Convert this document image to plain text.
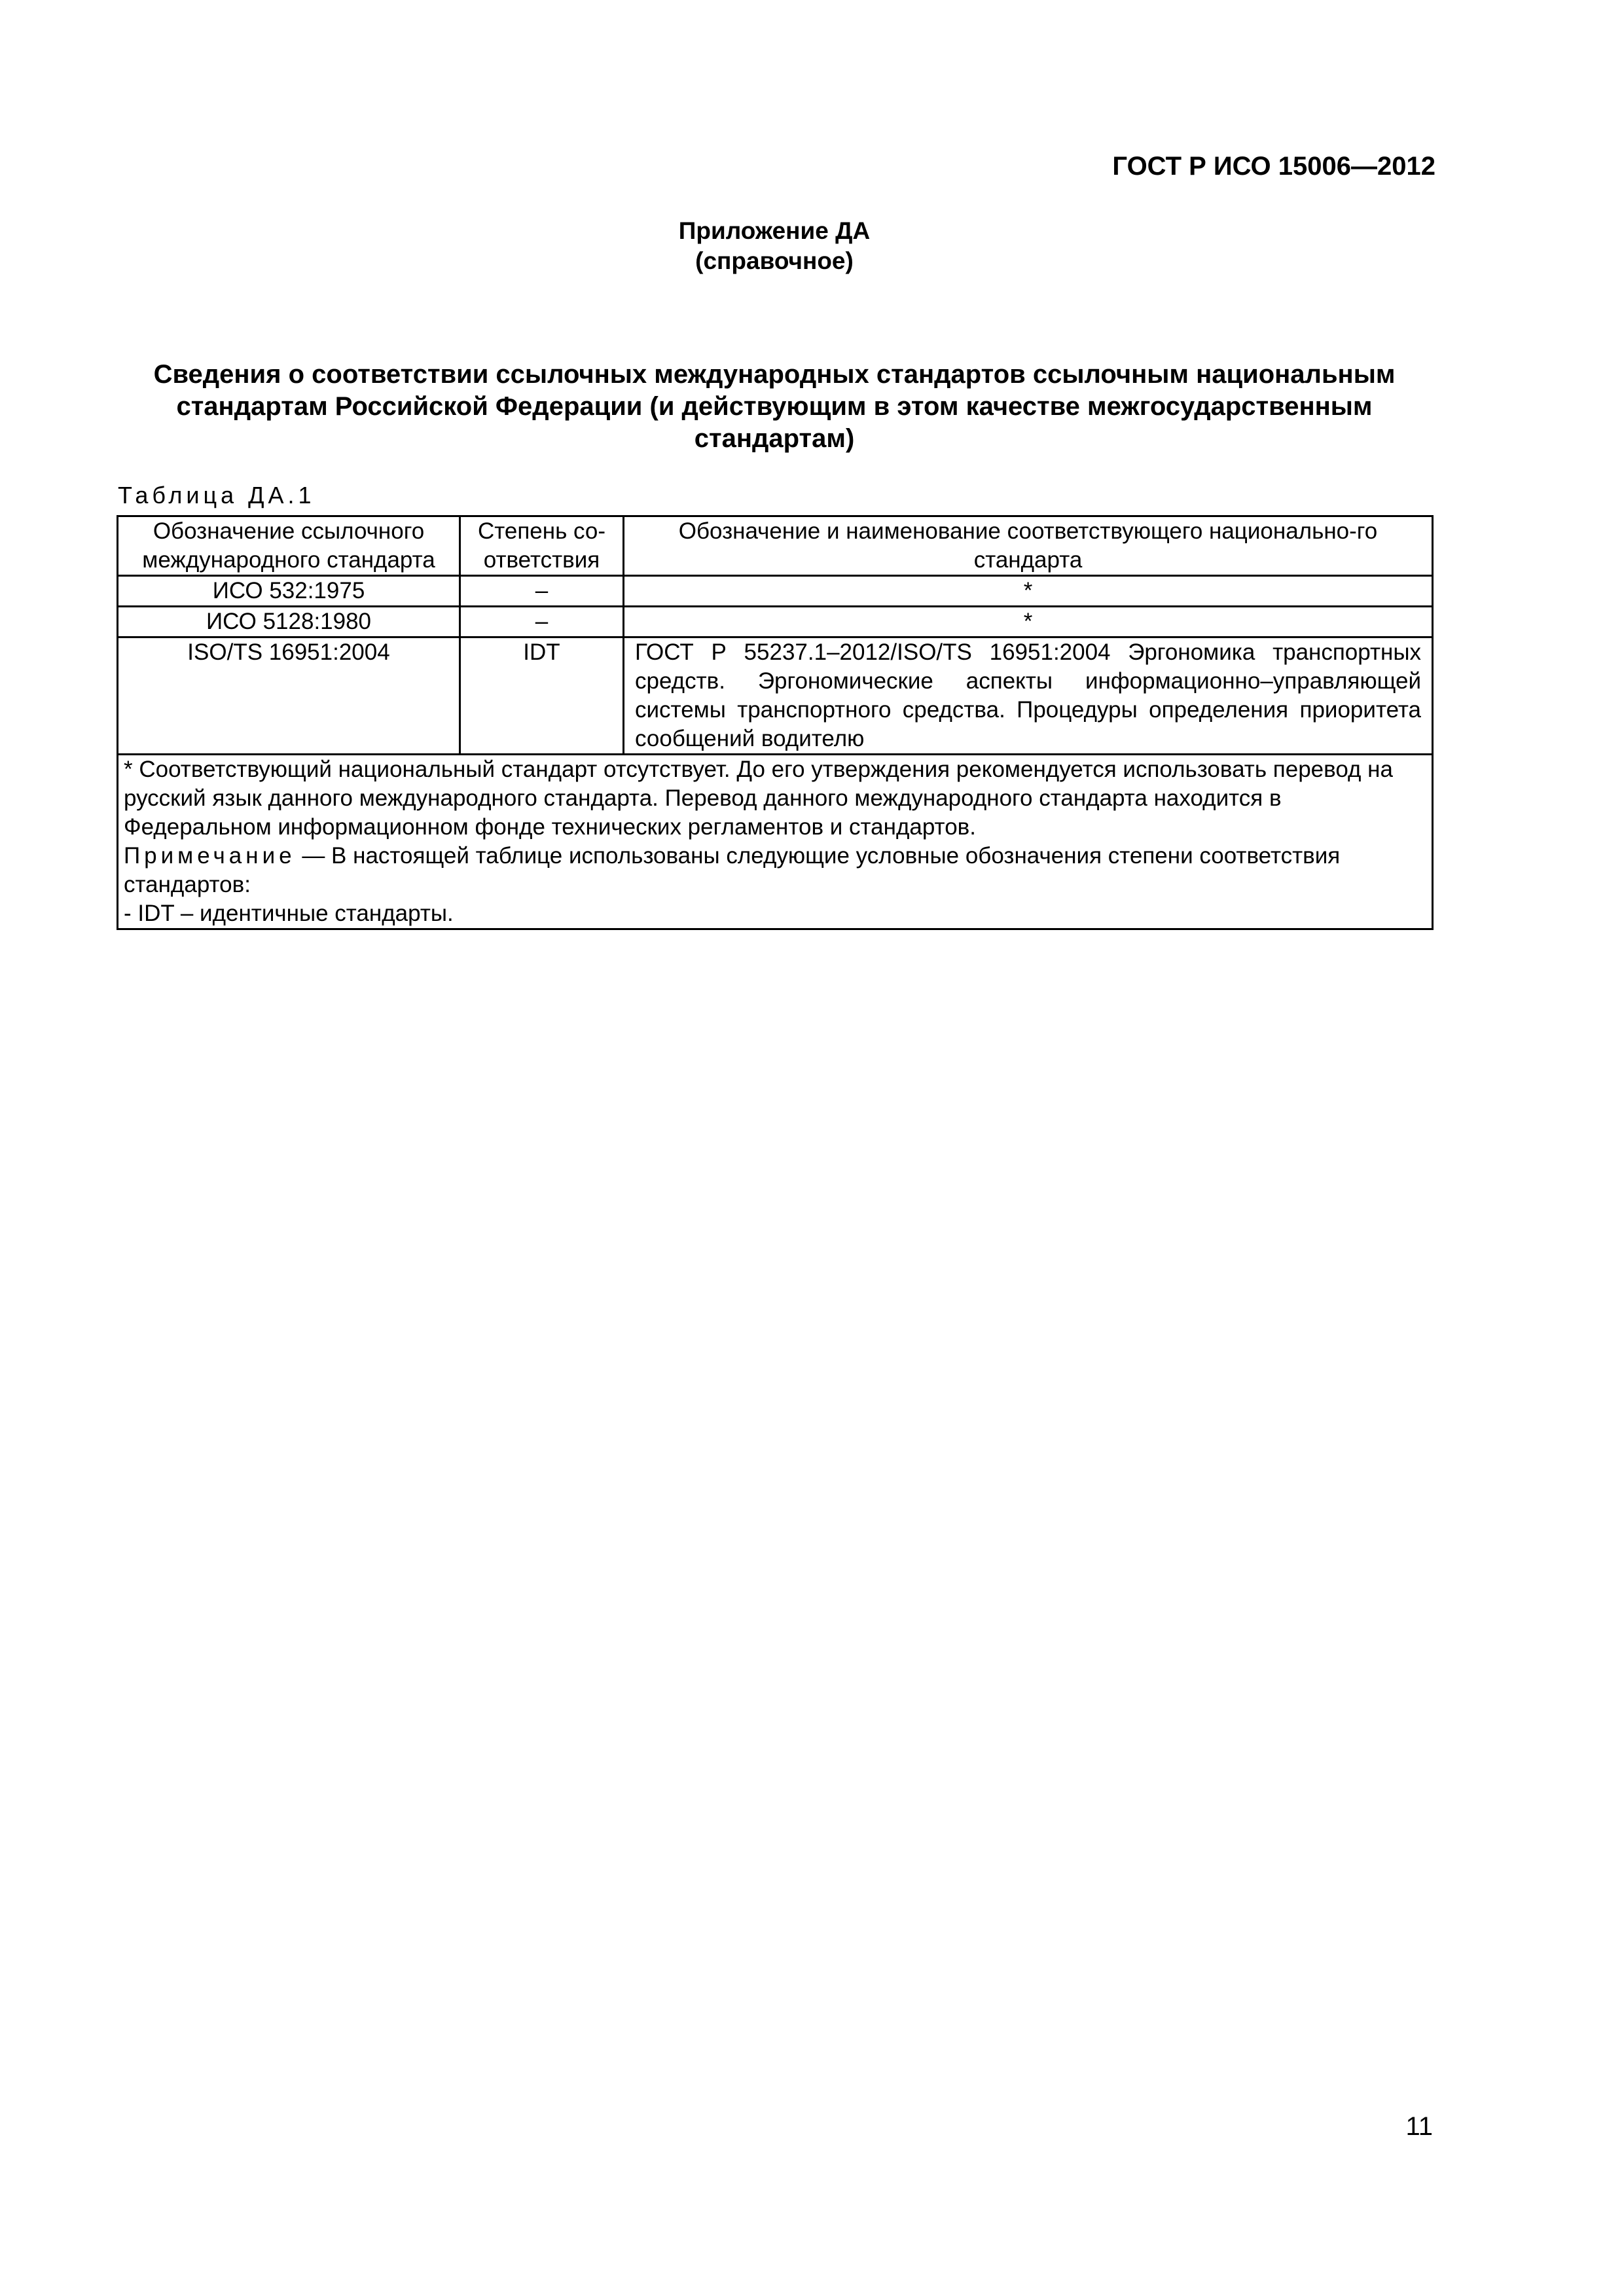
ГОСТ Р ИСО 15006—2012
Приложение ДА
(справочное)
Сведения о соответствии ссылочных международных стандартов ссылочным национальным
стандартам Российской Федерации (и действующим в этом качестве межгосударственным
стандартам)
Таблица ДА.1
Обозначение ссылочного международного стандарта	Степень со-ответствия	Обозначение и наименование соответствующего национально-го стандарта
ИСО 532:1975	–	*
ИСО 5128:1980	–	*
ISO/TS 16951:2004	IDT	ГОСТ Р 55237.1–2012/ISO/TS 16951:2004 Эргономика транспортных средств. Эргономические аспекты информационно–управляющей системы транспортного средства. Процедуры определения приоритета сообщений водителю

* Соответствующий национальный стандарт отсутствует. До его утверждения рекомендуется использовать перевод на русский язык данного международного стандарта. Перевод данного международного стандарта находится в Федеральном информационном фонде технических регламентов и стандартов.
Примечание — В настоящей таблице использованы следующие условные обозначения степени соответствия стандартов:
- IDT – идентичные стандарты.		
11
